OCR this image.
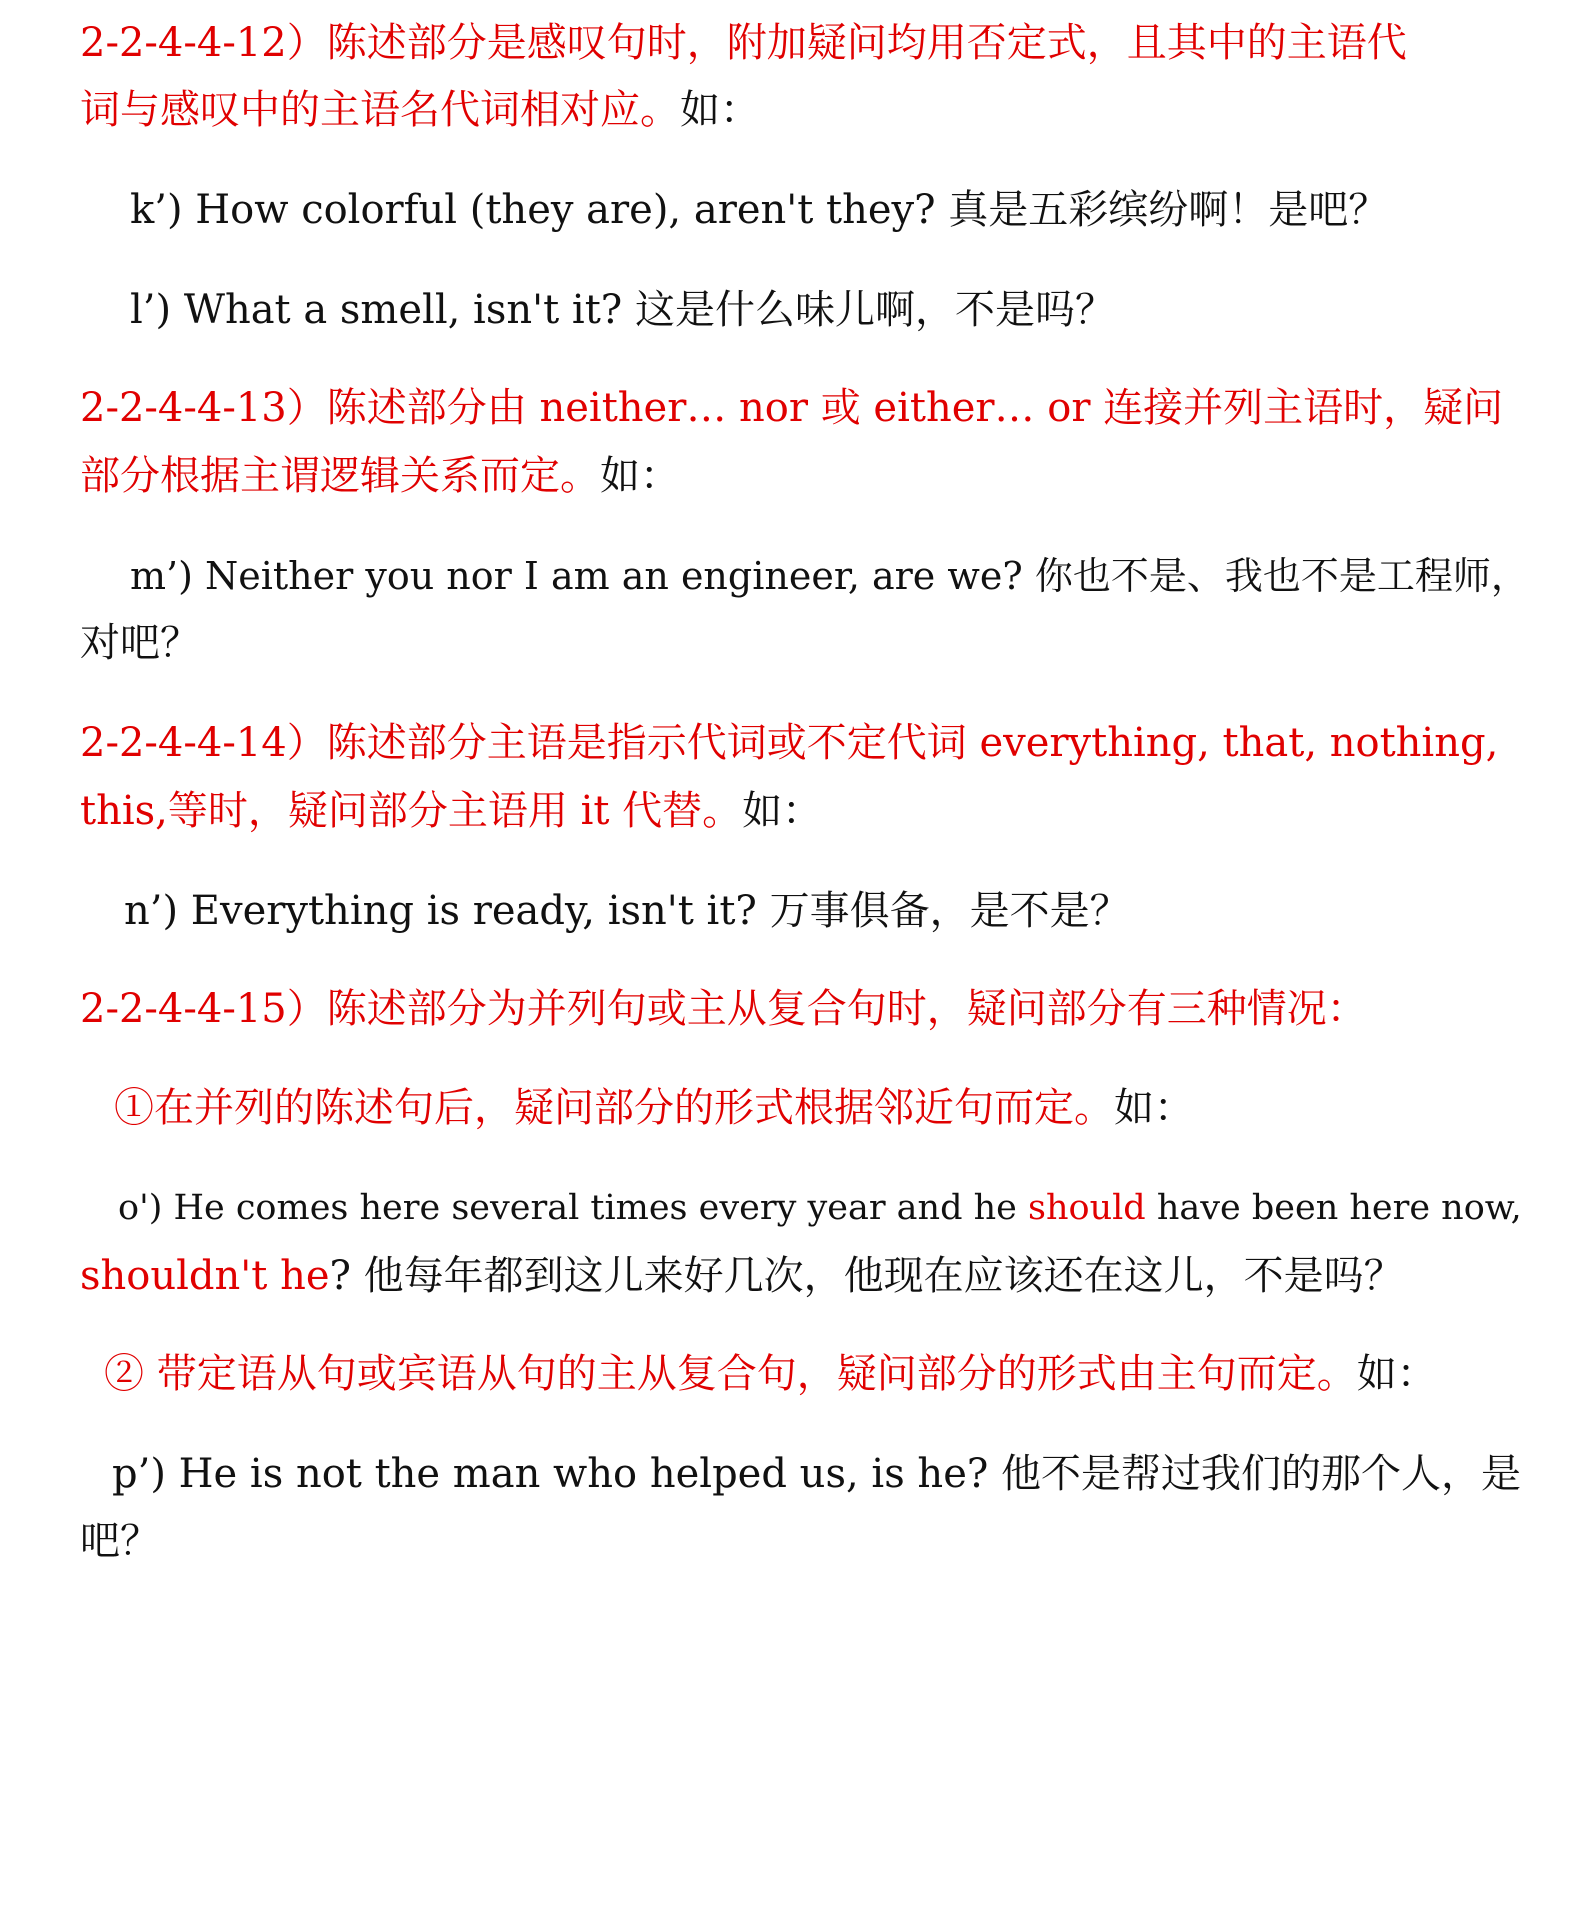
2-2-4-4-12）陈述部分是感叹句时，附加疑问均用否定式，且其中的主语代
词与感叹中的主语名代词相对应。如：
k’) How colorful (they are), aren't they? 真是五彩缤纷啊！是吧？
l’) What a smell, isn't it? 这是什么味儿啊，不是吗？
2-2-4-4-13）陈述部分由 neither… nor 或 either… or 连接并列主语时，疑问
部分根据主谓逻辑关系而定。如：
m’) Neither you nor I am an engineer, are we? 你也不是、我也不是工程师，
对吧？
2-2-4-4-14）陈述部分主语是指示代词或不定代词 everything, that, nothing,
this,等时，疑问部分主语用 it 代替。如：
n’) Everything is ready, isn't it? 万事俱备，是不是？
2-2-4-4-15）陈述部分为并列句或主从复合句时，疑问部分有三种情况：
①在并列的陈述句后，疑问部分的形式根据邻近句而定。如：
o') He comes here several times every year and he should have been here now,
shouldn't he? 他每年都到这儿来好几次，他现在应该还在这儿，不是吗？
② 带定语从句或宾语从句的主从复合句，疑问部分的形式由主句而定。如：
p’) He is not the man who helped us, is he? 他不是帮过我们的那个人，是
吧？
